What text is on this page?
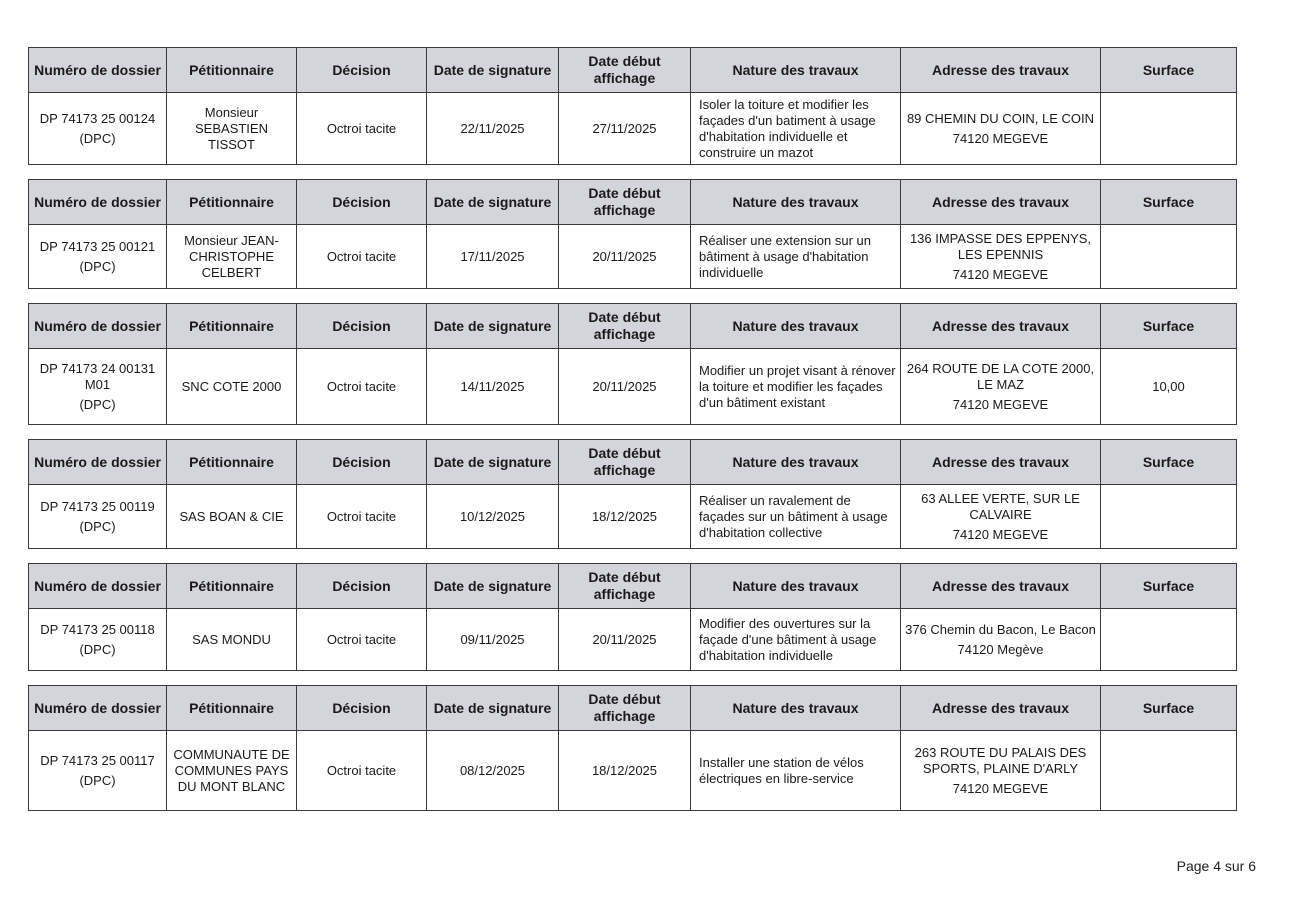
Numéro de dossier	Pétitionnaire	Décision	Date de signature	Date début affichage	Nature des travaux	Adresse des travaux	Surface

DP 74173 25 00124
(DPC)	Monsieur SEBASTIEN TISSOT	Octroi tacite	22/11/2025	27/11/2025	Isoler la toiture et modifier les façades d'un batiment à usage d'habitation individuelle et construire un mazot	89 CHEMIN DU COIN, LE COIN
74120 MEGEVE	

Numéro de dossier	Pétitionnaire	Décision	Date de signature	Date début affichage	Nature des travaux	Adresse des travaux	Surface

DP 74173 25 00121
(DPC)	Monsieur JEAN-CHRISTOPHE CELBERT	Octroi tacite	17/11/2025	20/11/2025	Réaliser une extension sur un bâtiment à usage d'habitation individuelle	136 IMPASSE DES EPPENYS, LES EPENNIS
74120 MEGEVE	

Numéro de dossier	Pétitionnaire	Décision	Date de signature	Date début affichage	Nature des travaux	Adresse des travaux	Surface

DP 74173 24 00131 M01
(DPC)	SNC COTE 2000	Octroi tacite	14/11/2025	20/11/2025	Modifier un projet visant à rénover la toiture et modifier les façades d'un bâtiment existant	264 ROUTE DE LA COTE 2000, LE MAZ
74120 MEGEVE	10,00
Numéro de dossier	Pétitionnaire	Décision	Date de signature	Date début affichage	Nature des travaux	Adresse des travaux	Surface

DP 74173 25 00119
(DPC)	SAS BOAN & CIE	Octroi tacite	10/12/2025	18/12/2025	Réaliser un ravalement de façades sur un bâtiment à usage d'habitation collective	63 ALLEE VERTE, SUR LE CALVAIRE
74120 MEGEVE	

Numéro de dossier	Pétitionnaire	Décision	Date de signature	Date début affichage	Nature des travaux	Adresse des travaux	Surface

DP 74173 25 00118
(DPC)	SAS MONDU	Octroi tacite	09/11/2025	20/11/2025	Modifier des ouvertures sur la façade d'une bâtiment à usage d'habitation individuelle	376 Chemin du Bacon, Le Bacon
74120 Megève	

Numéro de dossier	Pétitionnaire	Décision	Date de signature	Date début affichage	Nature des travaux	Adresse des travaux	Surface

DP 74173 25 00117
(DPC)	COMMUNAUTE DE COMMUNES PAYS DU MONT BLANC	Octroi tacite	08/12/2025	18/12/2025	Installer une station de vélos électriques en libre-service	263 ROUTE DU PALAIS DES SPORTS, PLAINE D'ARLY
74120 MEGEVE	

Page 4 sur 6
